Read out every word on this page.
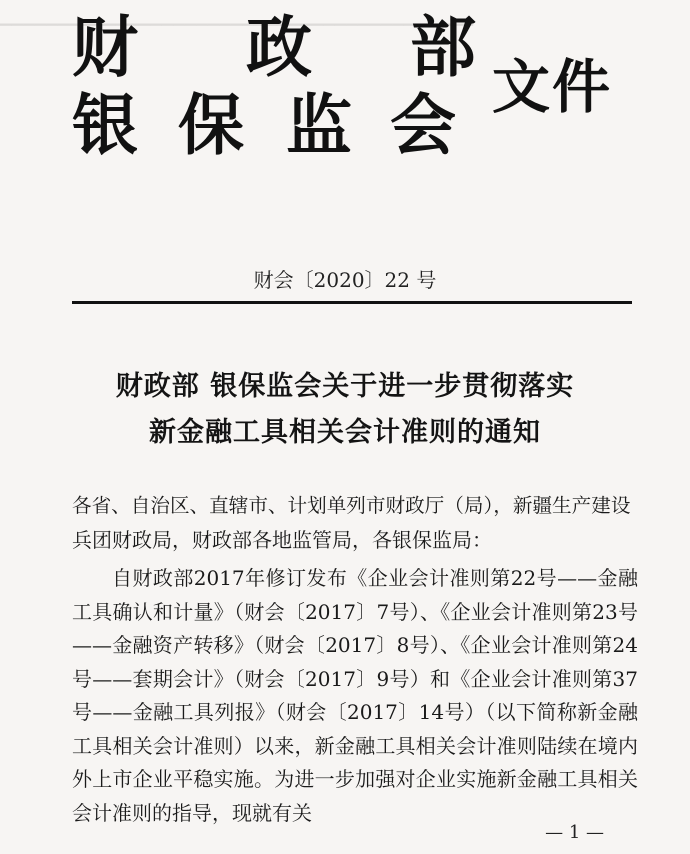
▁▁▁▁▁▁▁▁▁▁▁▁▁▁▁▁▁▁▁▁▁▁▁▁▁▁▁▁▁▁▁▁▁▁▁▁▁▁▁▁▁
财 政 部
银 保 监 会 文件
财会〔2020〕22 号
财政部 银保监会关于进一步贯彻落实
新金融工具相关会计准则的通知
各省、自治区、直辖市、计划单列市财政厅（局），新疆生产建设
兵团财政局，财政部各地监管局，各银保监局：

自财政部2017年修订发布《企业会计准则第22号——金融工具确认和计量》（财会〔2017〕7号）、《企业会计准则第23号——金融资产转移》（财会〔2017〕8号）、《企业会计准则第24号——套期会计》（财会〔2017〕9号）和《企业会计准则第37号——金融工具列报》（财会〔2017〕14号）（以下简称新金融工具相关会计准则）以来，新金融工具相关会计准则陆续在境内外上市企业平稳实施。为进一步加强对企业实施新金融工具相关会计准则的指导，现就有关

— 1 —
